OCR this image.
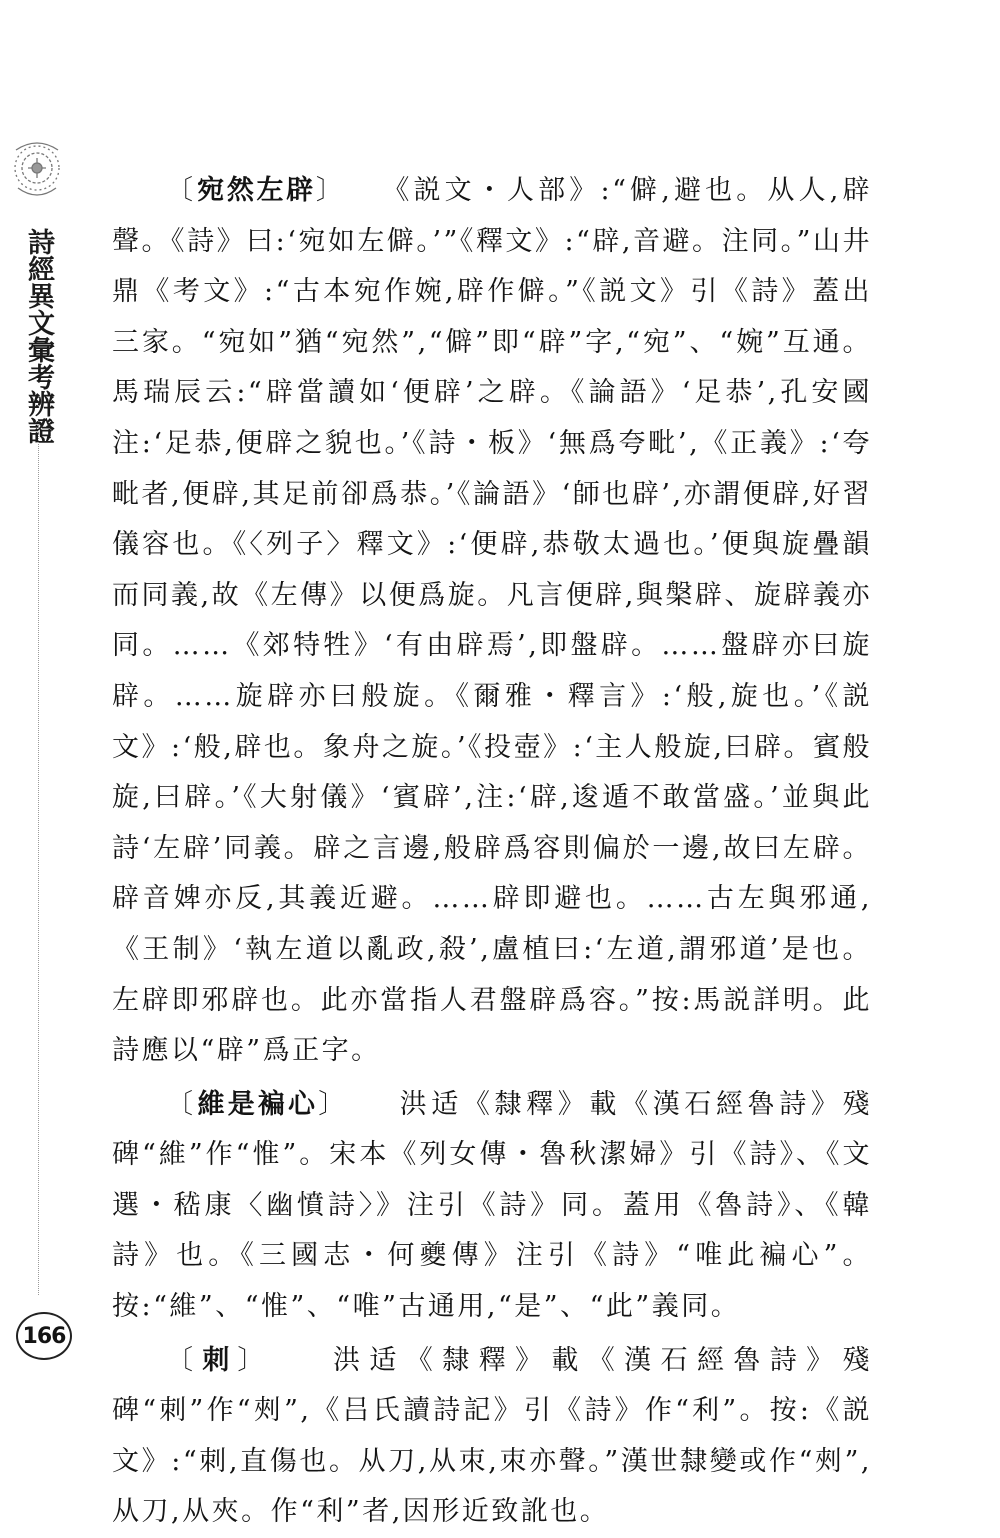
詩經異文彙考辨證

〔宛然左辟〕　　 《説文・人部》:“僻,避也。从人,辟聲。《詩》曰:‘宛如左僻。’”《釋文》:“辟,音避。注同。”山井鼎《考文》:“古本宛作婉,辟作僻。”《説文》引《詩》蓋出三家。“宛如”猶“宛然”,“僻”即“辟”字,“宛”、“婉”互通。馬瑞辰云:“辟當讀如‘便辟’之辟。《論語》‘足恭’,孔安國注:‘足恭,便辟之貌也。’《詩・板》‘無爲夸毗’,《正義》:‘夸毗者,便辟,其足前卻爲恭。’《論語》‘師也辟’,亦謂便辟,好習儀容也。《〈列子〉釋文》:‘便辟,恭敬太過也。’便與旋疊韻而同義,故《左傳》以便爲旋。凡言便辟,與槃辟、旋辟義亦同。……《郊特牲》‘有由辟焉’,即盤辟。……盤辟亦曰旋辟。……旋辟亦曰般旋。《爾雅・釋言》:‘般,旋也。’《説文》:‘般,辟也。象舟之旋。’《投壺》:‘主人般旋,曰辟。賓般旋,曰辟。’《大射儀》‘賓辟’,注:‘辟,逡遁不敢當盛。’並與此詩‘左辟’同義。辟之言邊,般辟爲容則偏於一邊,故曰左辟。辟音婢亦反,其義近避。……辟即避也。……古左與邪通,《王制》‘執左道以亂政,殺’,盧植曰:‘左道,謂邪道’是也。左辟即邪辟也。此亦當指人君盤辟爲容。”按:馬説詳明。此詩應以“辟”爲正字。

〔維是褊心〕　　 洪适《隸釋》載《漢石經魯詩》殘碑“維”作“惟”。宋本《列女傳・魯秋潔婦》引《詩》、《文選・嵇康〈幽憤詩〉》注引《詩》同。蓋用《魯詩》、《韓詩》也。《三國志・何夔傳》注引《詩》“唯此褊心”。按:“維”、“惟”、“唯”古通用,“是”、“此”義同。

〔刺〕　　	洪适《隸釋》載《漢石經魯詩》殘碑“刺”作“㓨”,《吕氏讀詩記》引《詩》作“利”。按:《説文》:“刺,直傷也。从刀,从朿,朿亦聲。”漢世隸變或作“㓨”,从刀,从夾。作“利”者,因形近致訛也。

166
